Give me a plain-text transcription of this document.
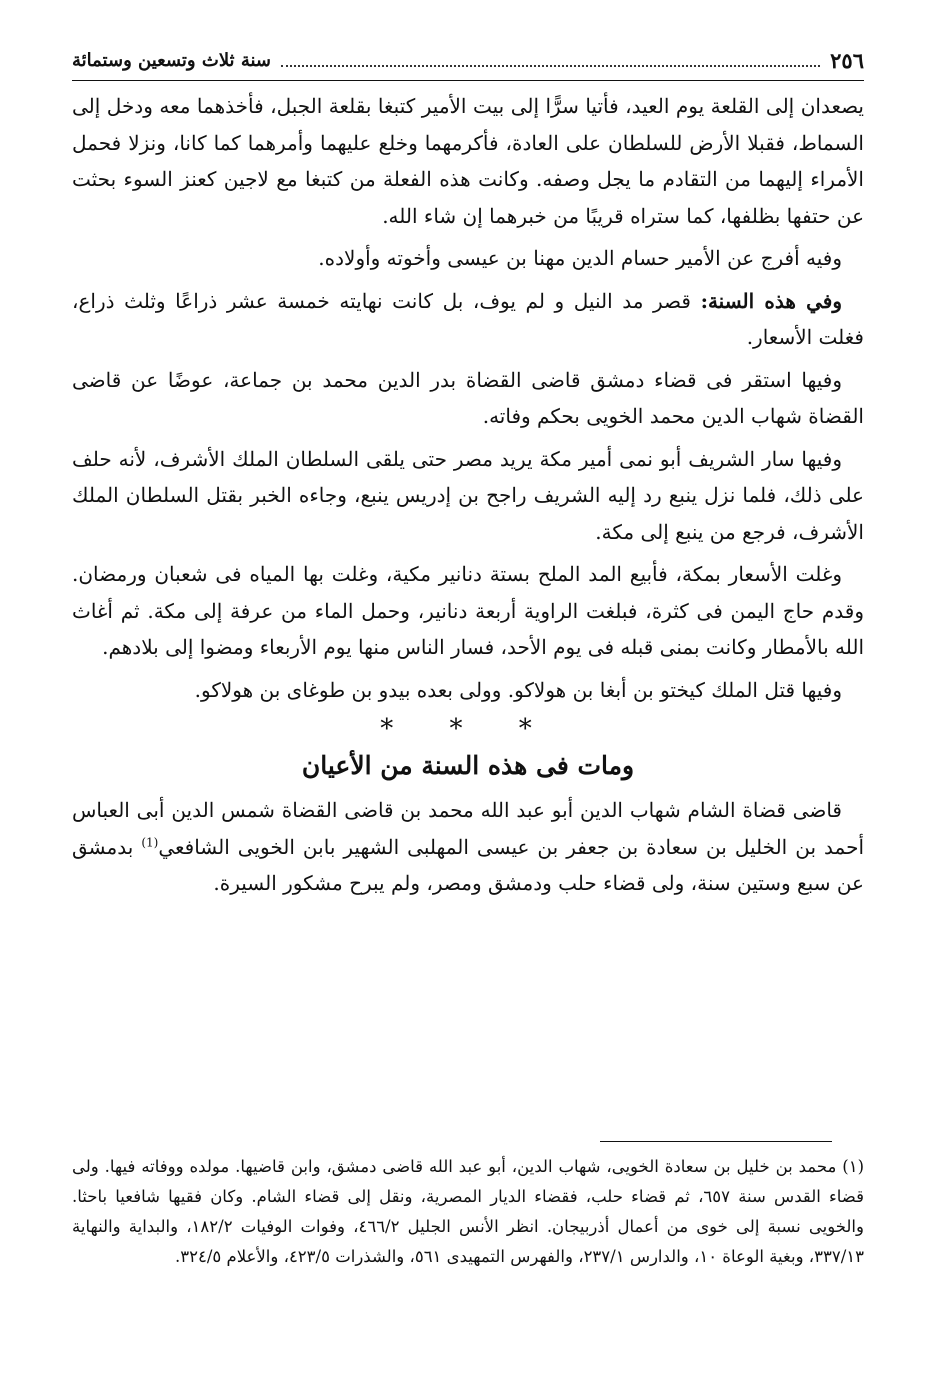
٢٥٦
سنة ثلاث وتسعين وستمائة

يصعدان إلى القلعة يوم العيد، فأتيا سرًّا إلى بيت الأمير كتبغا بقلعة الجبل، فأخذهما معه ودخل إلى السماط، فقبلا الأرض للسلطان على العادة، فأكرمهما وخلع عليهما وأمرهما كما كانا، ونزلا فحمل الأمراء إليهما من التقادم ما يجل وصفه. وكانت هذه الفعلة من كتبغا مع لاجين كعنز السوء بحثت عن حتفها بظلفها، كما ستراه قريبًا من خبرهما إن شاء الله.

وفيه أفرج عن الأمير حسام الدين مهنا بن عيسى وأخوته وأولاده.

وفي هذه السنة: قصر مد النيل و لم يوف، بل كانت نهايته خمسة عشر ذراعًا وثلث ذراع، فغلت الأسعار.

وفيها استقر فى قضاء دمشق قاضى القضاة بدر الدين محمد بن جماعة، عوضًا عن قاضى القضاة شهاب الدين محمد الخويى بحكم وفاته.

وفيها سار الشريف أبو نمى أمير مكة يريد مصر حتى يلقى السلطان الملك الأشرف، لأنه حلف على ذلك، فلما نزل ينبع رد إليه الشريف راجح بن إدريس ينبع، وجاءه الخبر بقتل السلطان الملك الأشرف، فرجع من ينبع إلى مكة.

وغلت الأسعار بمكة، فأبيع المد الملح بستة دنانير مكية، وغلت بها المياه فى شعبان ورمضان. وقدم حاج اليمن فى كثرة، فبلغت الراوية أربعة دنانير، وحمل الماء من عرفة إلى مكة. ثم أغاث الله بالأمطار وكانت بمنى قبله فى يوم الأحد، فسار الناس منها يوم الأربعاء ومضوا إلى بلادهم.

وفيها قتل الملك كيختو بن أبغا بن هولاكو. وولى بعده بيدو بن طوغاى بن هولاكو.

* * *
ومات فى هذه السنة من الأعيان

قاضى قضاة الشام شهاب الدين أبو عبد الله محمد بن قاضى القضاة شمس الدين أبى العباس أحمد بن الخليل بن سعادة بن جعفر بن عيسى المهلبى الشهير بابن الخويى الشافعي$^{(1)}$ بدمشق عن سبع وستين سنة، ولى قضاء حلب ودمشق ومصر، ولم يبرح مشكور السيرة.

(١) محمد بن خليل بن سعادة الخويى، شهاب الدين، أبو عبد الله قاضى دمشق، وابن قاضيها. مولده ووفاته فيها. ولى قضاء القدس سنة ٦٥٧، ثم قضاء حلب، فقضاء الديار المصرية، ونقل إلى قضاء الشام. وكان فقيها شافعيا باحثا. والخويى نسبة إلى خوى من أعمال أذربيجان. انظر الأنس الجليل ٤٦٦/٢، وفوات الوفيات ١٨٢/٢، والبداية والنهاية ٣٣٧/١٣، وبغية الوعاة ١٠، والدارس ٢٣٧/١، والفهرس التمهيدى ٥٦١، والشذرات ٤٢٣/٥، والأعلام ٣٢٤/٥.
